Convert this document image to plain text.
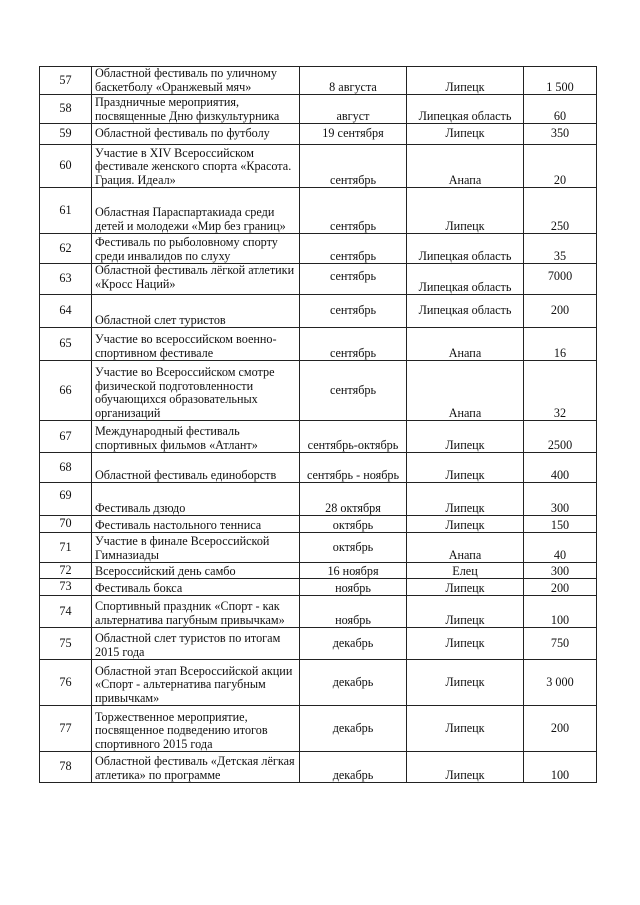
57	Областной фестиваль по уличному баскетболу «Оранжевый мяч»	8 августа	Липецк	1 500
58	Праздничные мероприятия, посвященные Дню физкультурника	август	Липецкая область	60
59	Областной фестиваль по футболу	19 сентября	Липецк	350
60	Участие в XIV Всероссийском фестивале женского спорта «Красота. Грация. Идеал»	сентябрь	Анапа	20
61	Областная Параспартакиада среди детей и молодежи «Мир без границ»	сентябрь	Липецк	250
62	Фестиваль по рыболовному спорту среди инвалидов по слуху	сентябрь	Липецкая область	35
63	Областной фестиваль лёгкой атлетики «Кросс Наций»	сентябрь	Липецкая область	7000
64	Областной слет туристов	сентябрь	Липецкая область	200
65	Участие во всероссийском военно-спортивном фестивале	сентябрь	Анапа	16
66	Участие во Всероссийском смотре физической подготовленности обучающихся образовательных организаций	сентябрь	Анапа	32
67	Международный фестиваль спортивных фильмов «Атлант»	сентябрь-октябрь	Липецк	2500
68	Областной фестиваль единоборств	сентябрь - ноябрь	Липецк	400
69	Фестиваль дзюдо	28 октября	Липецк	300
70	Фестиваль настольного тенниса	октябрь	Липецк	150
71	Участие в финале Всероссийской Гимназиады	октябрь	Анапа	40
72	Всероссийский день самбо	16 ноября	Елец	300
73	Фестиваль бокса	ноябрь	Липецк	200
74	Спортивный праздник «Спорт - как альтернатива пагубным привычкам»	ноябрь	Липецк	100
75	Областной слет туристов по итогам 2015 года	декабрь	Липецк	750
76	Областной этап Всероссийской акции «Спорт - альтернатива пагубным привычкам»	декабрь	Липецк	3 000
77	Торжественное мероприятие, посвященное подведению итогов спортивного 2015 года	декабрь	Липецк	200
78	Областной фестиваль «Детская лёгкая атлетика» по программе	декабрь	Липецк	100
